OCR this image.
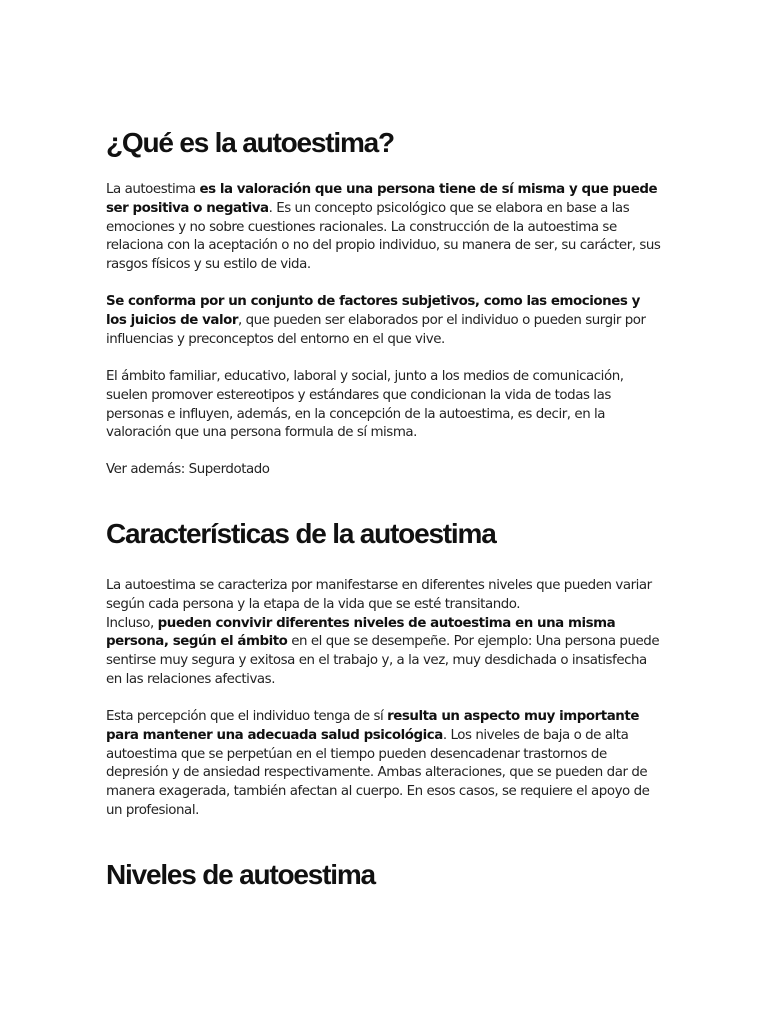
¿Qué es la autoestima?

La autoestima es la valoración que una persona tiene de sí misma y que puede ser positiva o negativa. Es un concepto psicológico que se elabora en base a las emociones y no sobre cuestiones racionales. La construcción de la autoestima se relaciona con la aceptación o no del propio individuo, su manera de ser, su carácter, sus rasgos físicos y su estilo de vida.

Se conforma por un conjunto de factores subjetivos, como las emociones y los juicios de valor, que pueden ser elaborados por el individuo o pueden surgir por influencias y preconceptos del entorno en el que vive.

El ámbito familiar, educativo, laboral y social, junto a los medios de comunicación, suelen promover estereotipos y estándares que condicionan la vida de todas las personas e influyen, además, en la concepción de la autoestima, es decir, en la valoración que una persona formula de sí misma.

Ver además: Superdotado

Características de la autoestima

La autoestima se caracteriza por manifestarse en diferentes niveles que pueden variar según cada persona y la etapa de la vida que se esté transitando.
Incluso, pueden convivir diferentes niveles de autoestima en una misma persona, según el ámbito en el que se desempeñe. Por ejemplo: Una persona puede sentirse muy segura y exitosa en el trabajo y, a la vez, muy desdichada o insatisfecha en las relaciones afectivas.

Esta percepción que el individuo tenga de sí resulta un aspecto muy importante para mantener una adecuada salud psicológica. Los niveles de baja o de alta autoestima que se perpetúan en el tiempo pueden desencadenar trastornos de depresión y de ansiedad respectivamente. Ambas alteraciones, que se pueden dar de manera exagerada, también afectan al cuerpo. En esos casos, se requiere el apoyo de un profesional.

Niveles de autoestima
